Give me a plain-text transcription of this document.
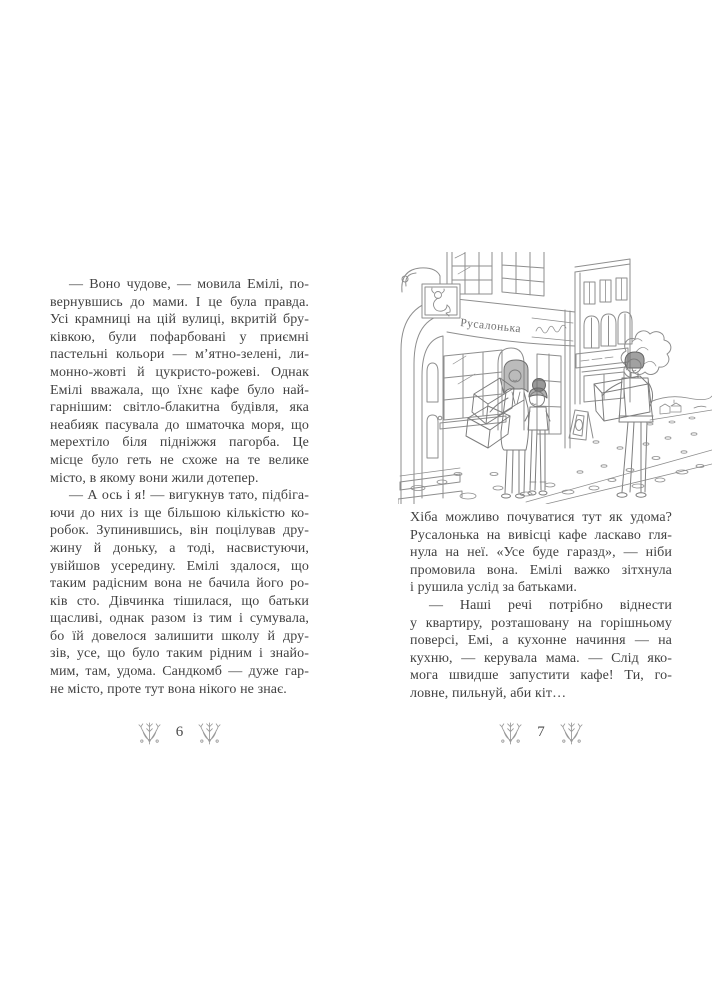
— Воно чудове, — мовила Емілі, по-
вернувшись до мами. І це була правда.
Усі крамниці на цій вулиці, вкритій бру-
ківкою, були пофарбовані у приємні
пастельні кольори — м’ятно-зелені, ли-
монно-жовті й цукристо-рожеві. Однак
Емілі вважала, що їхнє кафе було най-
гарнішим: світло-блакитна будівля, яка
неабияк пасувала до шматочка моря, що
мерехтіло біля підніжжя пагорба. Це
місце було геть не схоже на те велике
місто, в якому вони жили дотепер.
— А ось і я! — вигукнув тато, підбіга-
ючи до них із ще більшою кількістю ко-
робок. Зупинившись, він поцілував дру-
жину й доньку, а тоді, насвистуючи,
увійшов усередину. Емілі здалося, що
таким радісним вона не бачила його ро-
ків сто. Дівчинка тішилася, що батьки
щасливі, однак разом із тим і сумувала,
бо їй довелося залишити школу й дру-
зів, усе, що було таким рідним і знайо-
мим, там, удома. Сандкомб — дуже гар-
не місто, проте тут вона нікого не знає.
Русалонька
Хіба можливо почуватися тут як удома?
Русалонька на вивісці кафе ласкаво гля-
нула на неї. «Усе буде гаразд», — ніби
промовила вона. Емілі важко зітхнула
і рушила услід за батьками.
— Наші речі потрібно віднести
у квартиру, розташовану на горішньому
поверсі, Емі, а кухонне начиння — на
кухню, — керувала мама. — Слід яко-
мога швидше запустити кафе! Ти, го-
ловне, пильнуй, аби кіт…
6	7
